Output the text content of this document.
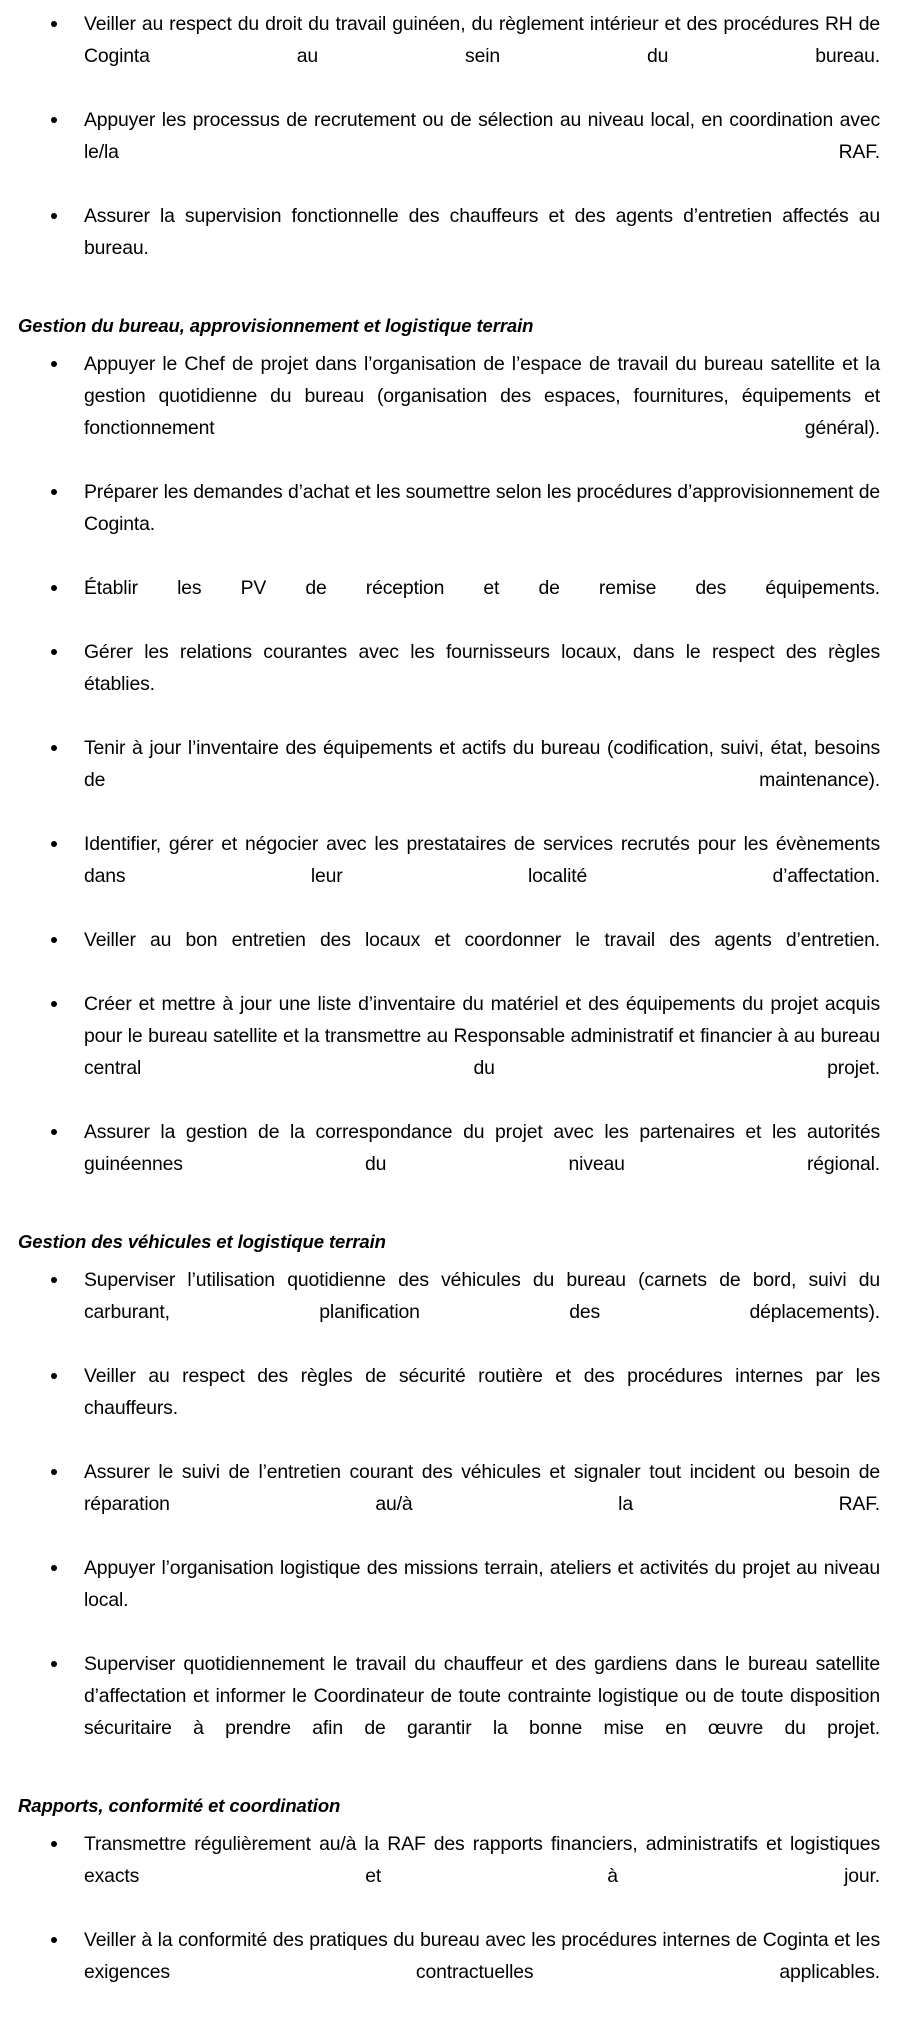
Veiller au respect du droit du travail guinéen, du règlement intérieur et des procédures RH de Coginta au sein du bureau.
Appuyer les processus de recrutement ou de sélection au niveau local, en coordination avec le/la RAF.
Assurer la supervision fonctionnelle des chauffeurs et des agents d’entretien affectés au bureau.
Gestion du bureau, approvisionnement et logistique terrain
Appuyer le Chef de projet dans l’organisation de l’espace de travail du bureau satellite et la gestion quotidienne du bureau (organisation des espaces, fournitures, équipements et fonctionnement général).
Préparer les demandes d’achat et les soumettre selon les procédures d’approvisionnement de Coginta.
Établir les PV de réception et de remise des équipements.
Gérer les relations courantes avec les fournisseurs locaux, dans le respect des règles établies.
Tenir à jour l’inventaire des équipements et actifs du bureau (codification, suivi, état, besoins de maintenance).
Identifier, gérer et négocier avec les prestataires de services recrutés pour les évènements dans leur localité d’affectation.
Veiller au bon entretien des locaux et coordonner le travail des agents d’entretien.
Créer et mettre à jour une liste d’inventaire du matériel et des équipements du projet acquis pour le bureau satellite et la transmettre au Responsable administratif et financier à au bureau central du projet.
Assurer la gestion de la correspondance du projet avec les partenaires et les autorités guinéennes du niveau régional.
Gestion des véhicules et logistique terrain
Superviser l’utilisation quotidienne des véhicules du bureau (carnets de bord, suivi du carburant, planification des déplacements).
Veiller au respect des règles de sécurité routière et des procédures internes par les chauffeurs.
Assurer le suivi de l’entretien courant des véhicules et signaler tout incident ou besoin de réparation au/à la RAF.
Appuyer l’organisation logistique des missions terrain, ateliers et activités du projet au niveau local.
Superviser quotidiennement le travail du chauffeur et des gardiens dans le bureau satellite d’affectation et informer le Coordinateur de toute contrainte logistique ou de toute disposition sécuritaire à prendre afin de garantir la bonne mise en œuvre du projet.
Rapports, conformité et coordination
Transmettre régulièrement au/à la RAF des rapports financiers, administratifs et logistiques exacts et à jour.
Veiller à la conformité des pratiques du bureau avec les procédures internes de Coginta et les exigences contractuelles applicables.
